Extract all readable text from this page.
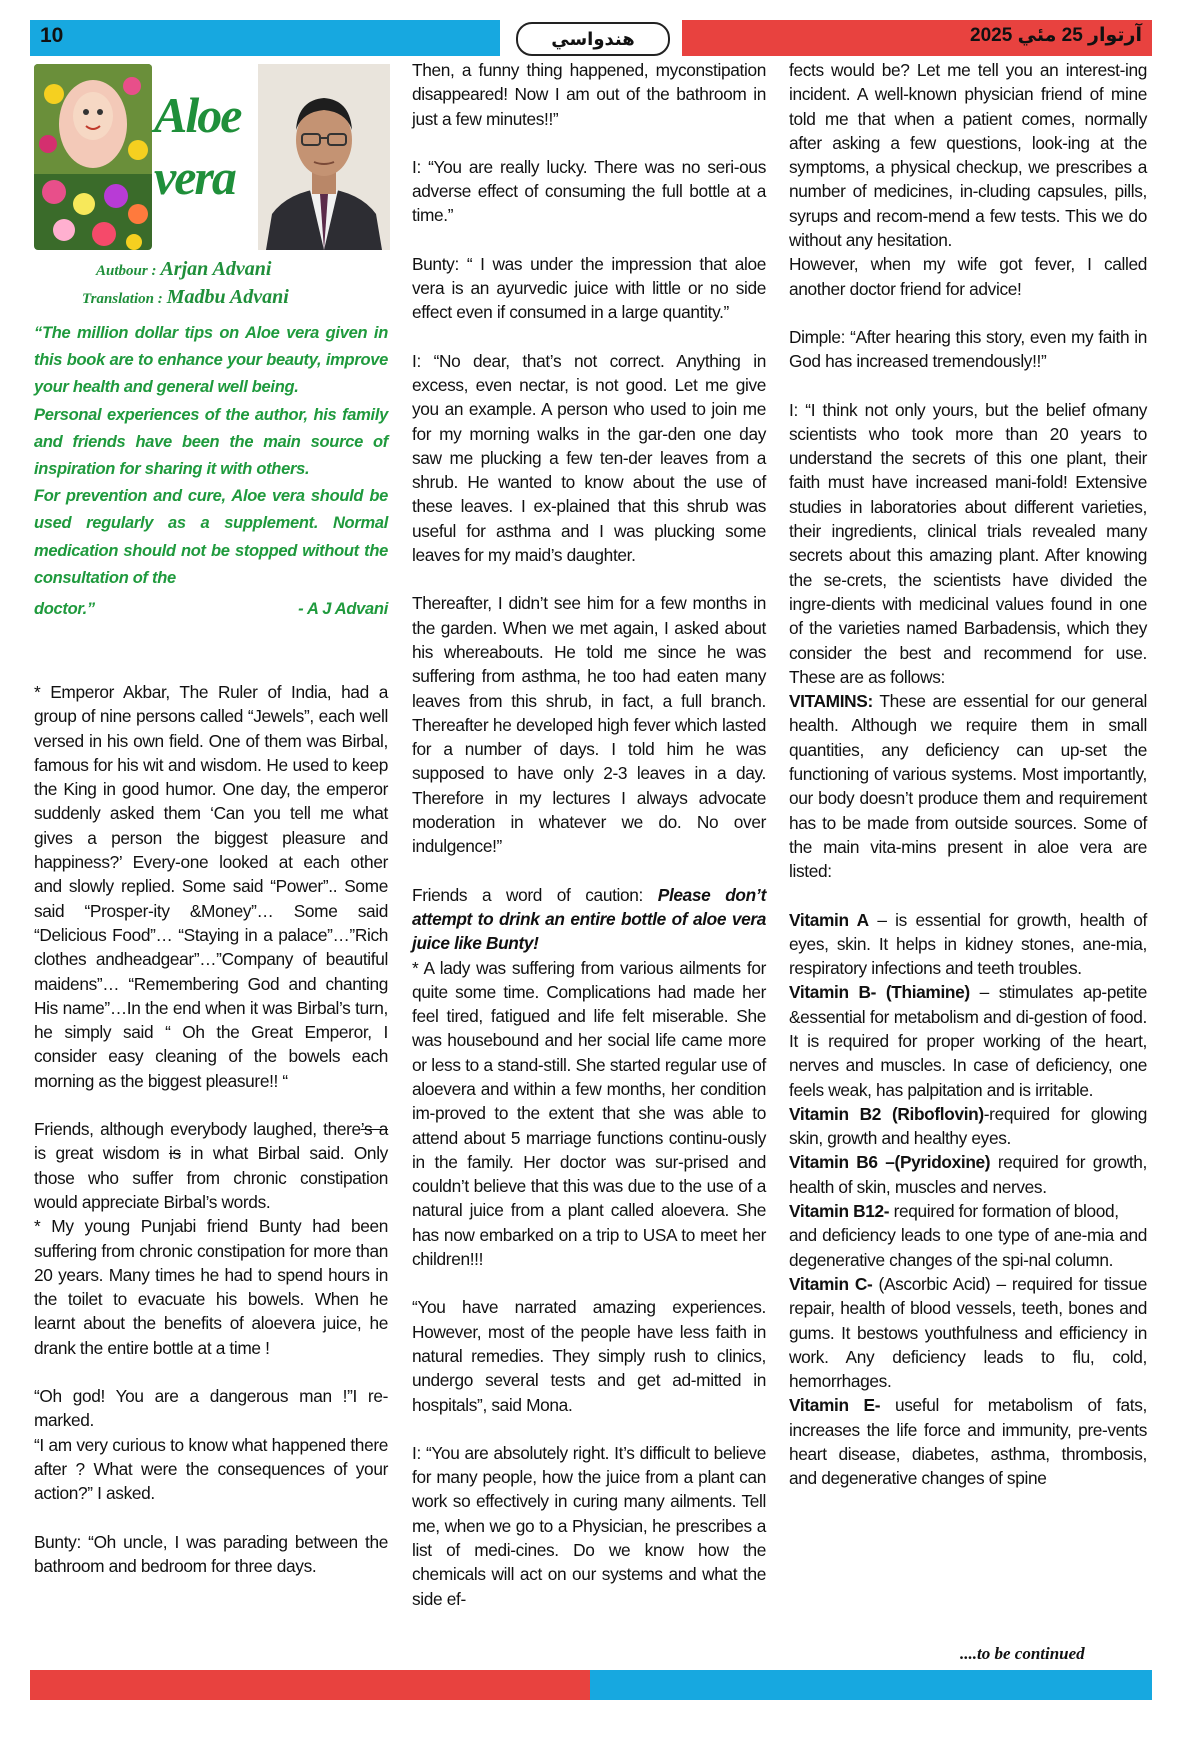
10	هندواسي	آرتوار 25 مئي 2025
Aloe
vera
Autbour : Arjan Advani
Translation : Madbu Advani

“The million dollar tips on Aloe vera given in this book are to enhance your beauty, improve your health and general well being.

Personal experiences of the author, his family and friends have been the main source of inspiration for sharing it with others.

For prevention and cure, Aloe vera should be used regularly as a supplement. Normal medication should not be stopped without the consultation of the

doctor.”	- A J Advani

* Emperor Akbar, The Ruler of India, had a group of nine persons called “Jewels”, each well versed in his own field. One of them was Birbal, famous for his wit and wisdom. He used to keep the King in good humor. One day, the emperor suddenly asked them ‘Can you tell me what gives a person the biggest pleasure and happiness?’ Every-one looked at each other and slowly replied. Some said “Power”.. Some said “Prosper-ity &Money”… Some said “Delicious Food”… “Staying in a palace”…”Rich clothes andheadgear”…”Company of beautiful maidens”… “Remembering God and chanting His name”…In the end when it was Birbal’s turn, he simply said “ Oh the Great Emperor, I consider easy cleaning of the bowels each morning as the biggest pleasure!! “

Friends, although everybody laughed, there’s a is great wisdom is in what Birbal said. Only those who suffer from chronic constipation would appreciate Birbal’s words.

* My young Punjabi friend Bunty had been suffering from chronic constipation for more than 20 years. Many times he had to spend hours in the toilet to evacuate his bowels. When he learnt about the benefits of aloevera juice, he drank the entire bottle at a time !

“Oh god! You are a dangerous man !”I re-marked.

“I am very curious to know what happened there after ? What were the consequences of your action?” I asked.

Bunty: “Oh uncle, I was parading between the bathroom and bedroom for three days.

Then, a funny thing happened, myconstipation disappeared! Now I am out of the bathroom in just a few minutes!!”

I: “You are really lucky. There was no seri-ous adverse effect of consuming the full bottle at a time.”

Bunty: “ I was under the impression that aloe vera is an ayurvedic juice with little or no side effect even if consumed in a large quantity.”

I: “No dear, that’s not correct. Anything in excess, even nectar, is not good. Let me give you an example. A person who used to join me for my morning walks in the gar-den one day saw me plucking a few ten-der leaves from a shrub. He wanted to know about the use of these leaves. I ex-plained that this shrub was useful for asthma and I was plucking some leaves for my maid’s daughter.

Thereafter, I didn’t see him for a few months in the garden. When we met again, I asked about his whereabouts. He told me since he was suffering from asthma, he too had eaten many leaves from this shrub, in fact, a full branch. Thereafter he developed high fever which lasted for a number of days. I told him he was supposed to have only 2-3 leaves in a day. Therefore in my lectures I always advocate moderation in whatever we do. No over indulgence!”

Friends a word of caution: Please don’t attempt to drink an entire bottle of aloe vera juice like Bunty!

* A lady was suffering from various ailments for quite some time. Complications had made her feel tired, fatigued and life felt miserable. She was housebound and her social life came more or less to a stand-still. She started regular use of aloevera and within a few months, her condition im-proved to the extent that she was able to attend about 5 marriage functions continu-ously in the family. Her doctor was sur-prised and couldn’t believe that this was due to the use of a natural juice from a plant called aloevera. She has now embarked on a trip to USA to meet her children!!!

“You have narrated amazing experiences. However, most of the people have less faith in natural remedies. They simply rush to clinics, undergo several tests and get ad-mitted in hospitals”, said Mona.

I: “You are absolutely right. It’s difficult to believe for many people, how the juice from a plant can work so effectively in curing many ailments. Tell me, when we go to a Physician, he prescribes a list of medi-cines. Do we know how the chemicals will act on our systems and what the side ef-

fects would be? Let me tell you an interest-ing incident. A well-known physician friend of mine told me that when a patient comes, normally after asking a few questions, look-ing at the symptoms, a physical checkup, we prescribes a number of medicines, in-cluding capsules, pills, syrups and recom-mend a few tests. This we do without any hesitation.

However, when my wife got fever, I called another doctor friend for advice!

Dimple: “After hearing this story, even my faith in God has increased tremendously!!”

I: “I think not only yours, but the belief ofmany scientists who took more than 20 years to understand the secrets of this one plant, their faith must have increased mani-fold! Extensive studies in laboratories about different varieties, their ingredients, clinical trials revealed many secrets about this amazing plant. After knowing the se-crets, the scientists have divided the ingre-dients with medicinal values found in one of the varieties named Barbadensis, which they consider the best and recommend for use. These are as follows:

VITAMINS: These are essential for our general health. Although we require them in small quantities, any deficiency can up-set the functioning of various systems. Most importantly, our body doesn’t produce them and requirement has to be made from outside sources. Some of the main vita-mins present in aloe vera are listed:

Vitamin A – is essential for growth, health of eyes, skin. It helps in kidney stones, ane-mia, respiratory infections and teeth troubles.

Vitamin B- (Thiamine) – stimulates ap-petite &essential for metabolism and di-gestion of food. It is required for proper working of the heart, nerves and muscles. In case of deficiency, one feels weak, has palpitation and is irritable.

Vitamin B2 (Riboflovin)-required for glowing skin, growth and healthy eyes.

Vitamin B6 –(Pyridoxine) required for growth, health of skin, muscles and nerves.

Vitamin B12- required for formation of blood,

and deficiency leads to one type of ane-mia and degenerative changes of the spi-nal column.

Vitamin C- (Ascorbic Acid) – required for tissue repair, health of blood vessels, teeth, bones and gums. It bestows youthfulness and efficiency in work. Any deficiency leads to flu, cold, hemorrhages.

Vitamin E- useful for metabolism of fats, increases the life force and immunity, pre-vents heart disease, diabetes, asthma, thrombosis, and degenerative changes of spine

....to be continued
